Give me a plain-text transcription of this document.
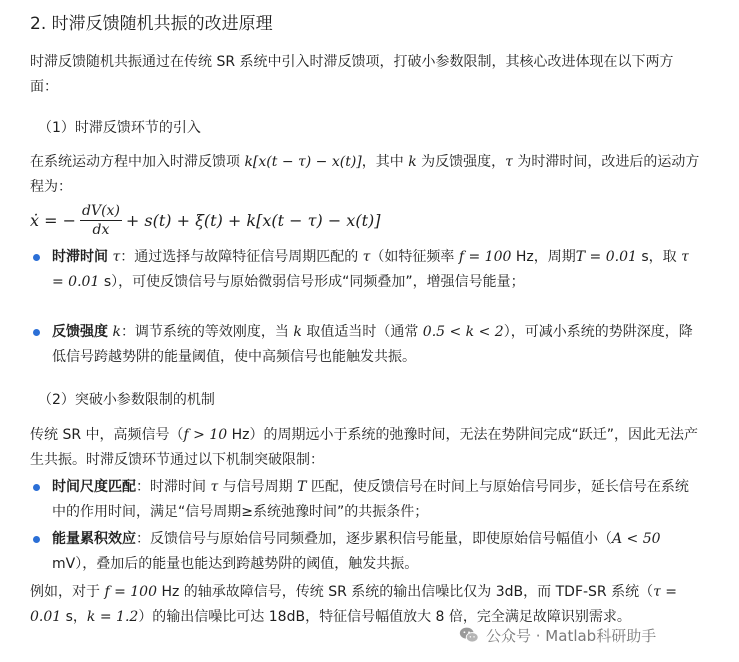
2. 时滞反馈随机共振的改进原理

时滞反馈随机共振通过在传统 SR 系统中引入时滞反馈项，打破小参数限制，其核心改进体现在以下两方面：

（1）时滞反馈环节的引入

在系统运动方程中加入时滞反馈项 k[x(t − τ) − x(t)]，其中 k 为反馈强度，τ 为时滞时间，改进后的运动方程为：

ẋ = − $\frac{dV(x)}{dx} + s(t) + \xi(t) + k[x(t - \tau) - x(t)]$
时滞时间 τ：通过选择与故障特征信号周期匹配的 τ（如特征频率 f = 100 Hz，周期T = 0.01 s，取 τ = 0.01 s），可使反馈信号与原始微弱信号形成“同频叠加”，增强信号能量；
反馈强度 k：调节系统的等效刚度，当 k 取值适当时（通常 0.5 < k < 2），可减小系统的势阱深度，降低信号跨越势阱的能量阈值，使中高频信号也能触发共振。

（2）突破小参数限制的机制

传统 SR 中，高频信号（f > 10 Hz）的周期远小于系统的弛豫时间，无法在势阱间完成“跃迁”，因此无法产生共振。时滞反馈环节通过以下机制突破限制：

时间尺度匹配：时滞时间 τ 与信号周期 T 匹配，使反馈信号在时间上与原始信号同步，延长信号在系统中的作用时间，满足“信号周期≥系统弛豫时间”的共振条件；
能量累积效应：反馈信号与原始信号同频叠加，逐步累积信号能量，即使原始信号幅值小（A < 50 mV），叠加后的能量也能达到跨越势阱的阈值，触发共振。

例如，对于 f = 100 Hz 的轴承故障信号，传统 SR 系统的输出信噪比仅为 3dB，而 TDF-SR 系统（τ = 0.01 s，k = 1.2）的输出信噪比可达 18dB，特征信号幅值放大 8 倍，完全满足故障识别需求。

公众号 · Matlab科研助手
